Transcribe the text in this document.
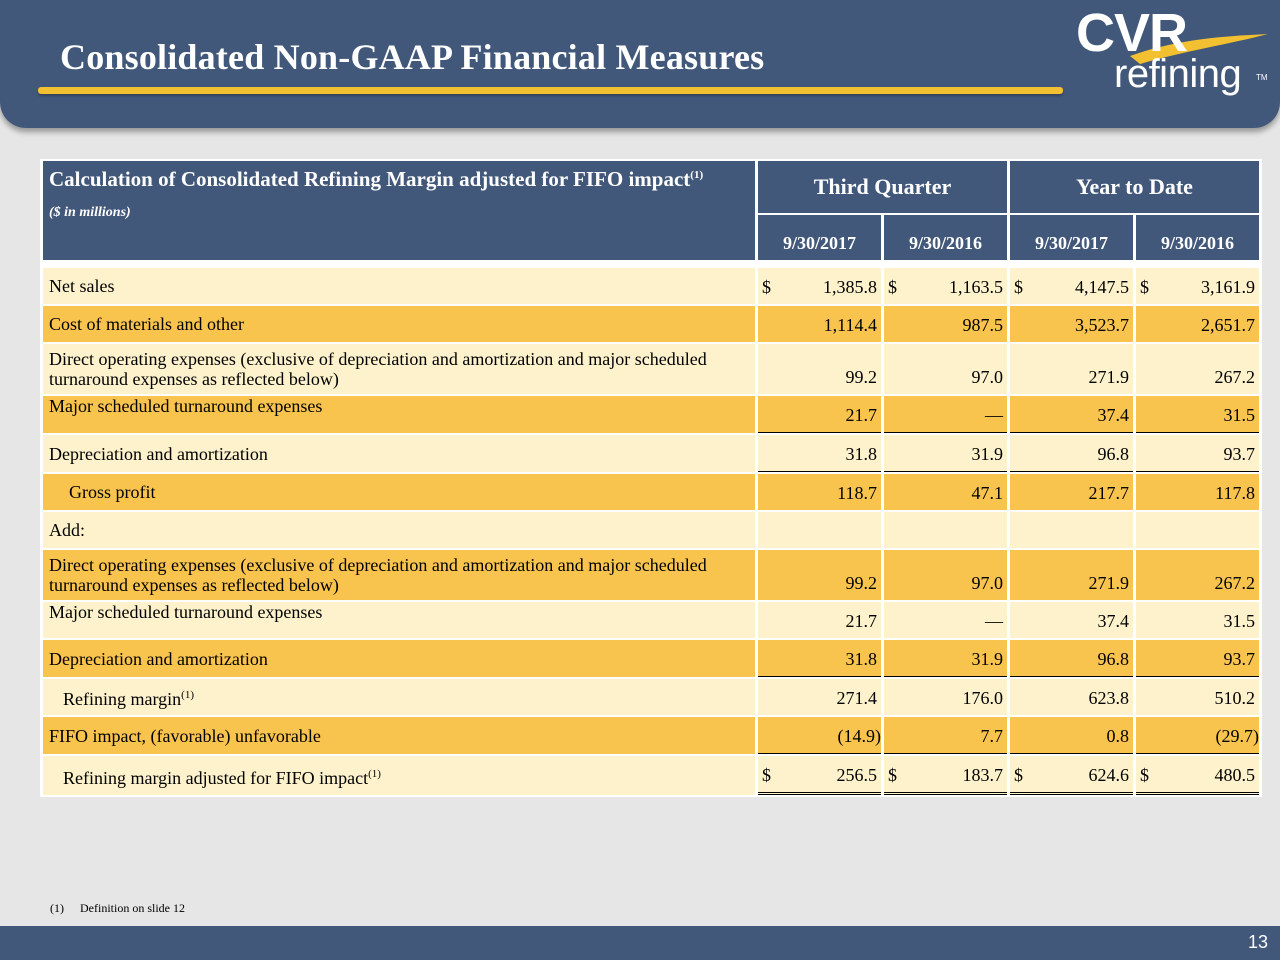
Consolidated Non-GAAP Financial Measures	CVR
refining TM
Calculation of Consolidated Refining Margin adjusted for FIFO impact$^{(1)}$
($ in millions)	Third Quarter		Year to Date	
	9/30/2017	9/30/2016	9/30/2017	9/30/2016

Net sales	$ 1,385.8	$ 1,163.5	$ 4,147.5	$ 3,161.9
Cost of materials and other	1,114.4	987.5	3,523.7	2,651.7
Direct operating expenses (exclusive of depreciation and amortization and major scheduled turnaround expenses as reflected below)	99.2	97.0	271.9	267.2
Major scheduled turnaround expenses	21.7	—	37.4	31.5
Depreciation and amortization	31.8	31.9	96.8	93.7
Gross profit	118.7	47.1	217.7	117.8
Add:				
Direct operating expenses (exclusive of depreciation and amortization and major scheduled turnaround expenses as reflected below)	99.2	97.0	271.9	267.2
Major scheduled turnaround expenses	21.7	—	37.4	31.5
Depreciation and amortization	31.8	31.9	96.8	93.7
Refining margin$^{(1)}$	271.4	176.0	623.8	510.2
FIFO impact, (favorable) unfavorable	(14.9)	7.7	0.8	(29.7)
Refining margin adjusted for FIFO impact$^{(1)}$	$ 256.5	$ 183.7	$ 624.6	$ 480.5
(1) Definition on slide 12
13
